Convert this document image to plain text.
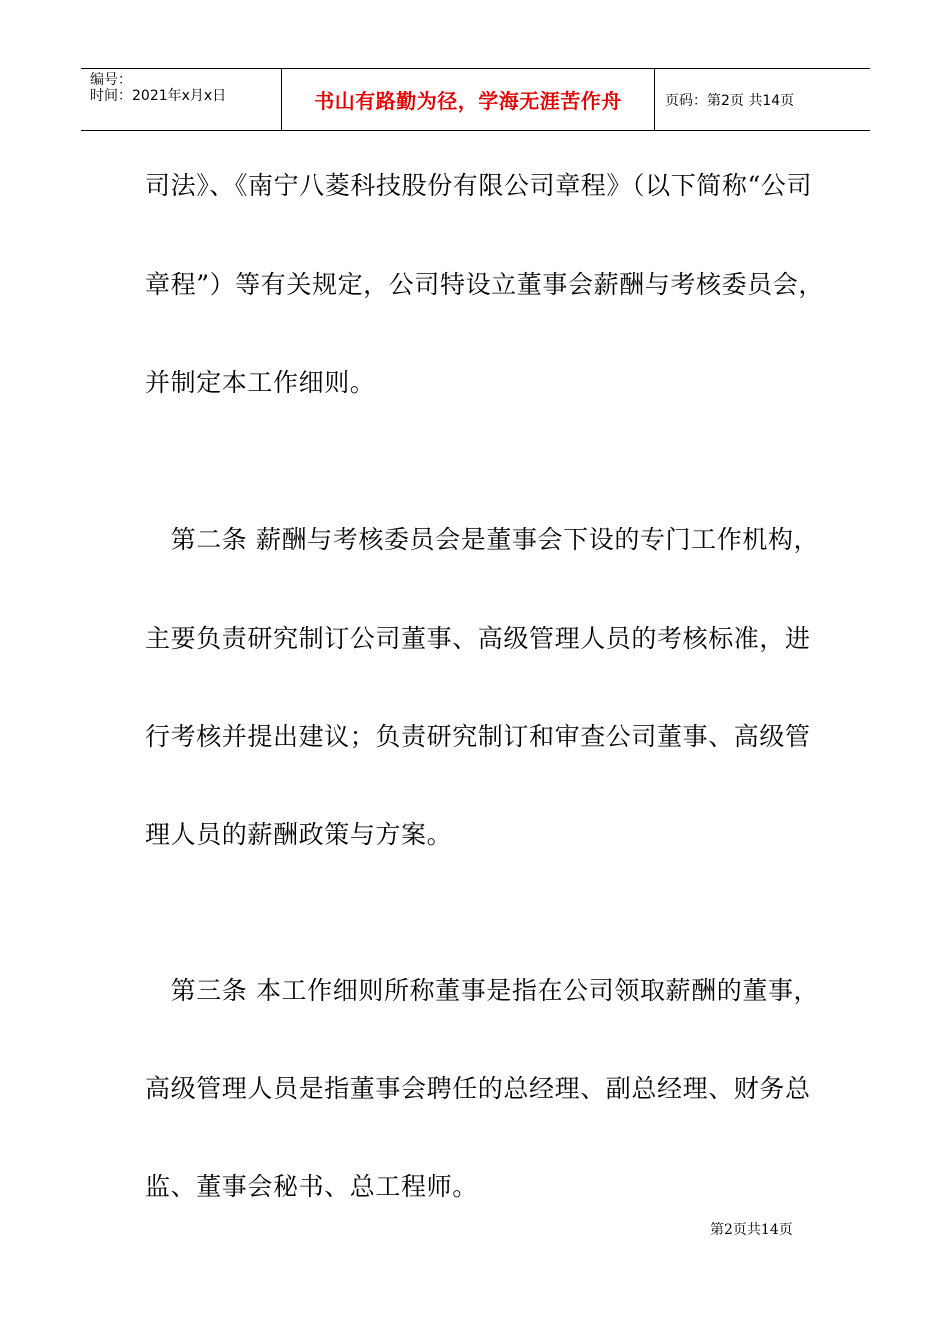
编号：
时间：2021年x月x日	书山有路勤为径，学海无涯苦作舟	页码：第2页 共14页
司法》、《南宁八菱科技股份有限公司章程》（以下简称“公司
章程”）等有关规定，公司特设立董事会薪酬与考核委员会，
并制定本工作细则。
　第二条 薪酬与考核委员会是董事会下设的专门工作机构，
主要负责研究制订公司董事、高级管理人员的考核标准，进
行考核并提出建议；负责研究制订和审查公司董事、高级管
理人员的薪酬政策与方案。
　第三条 本工作细则所称董事是指在公司领取薪酬的董事，
高级管理人员是指董事会聘任的总经理、副总经理、财务总
监、董事会秘书、总工程师。
第2页共14页
